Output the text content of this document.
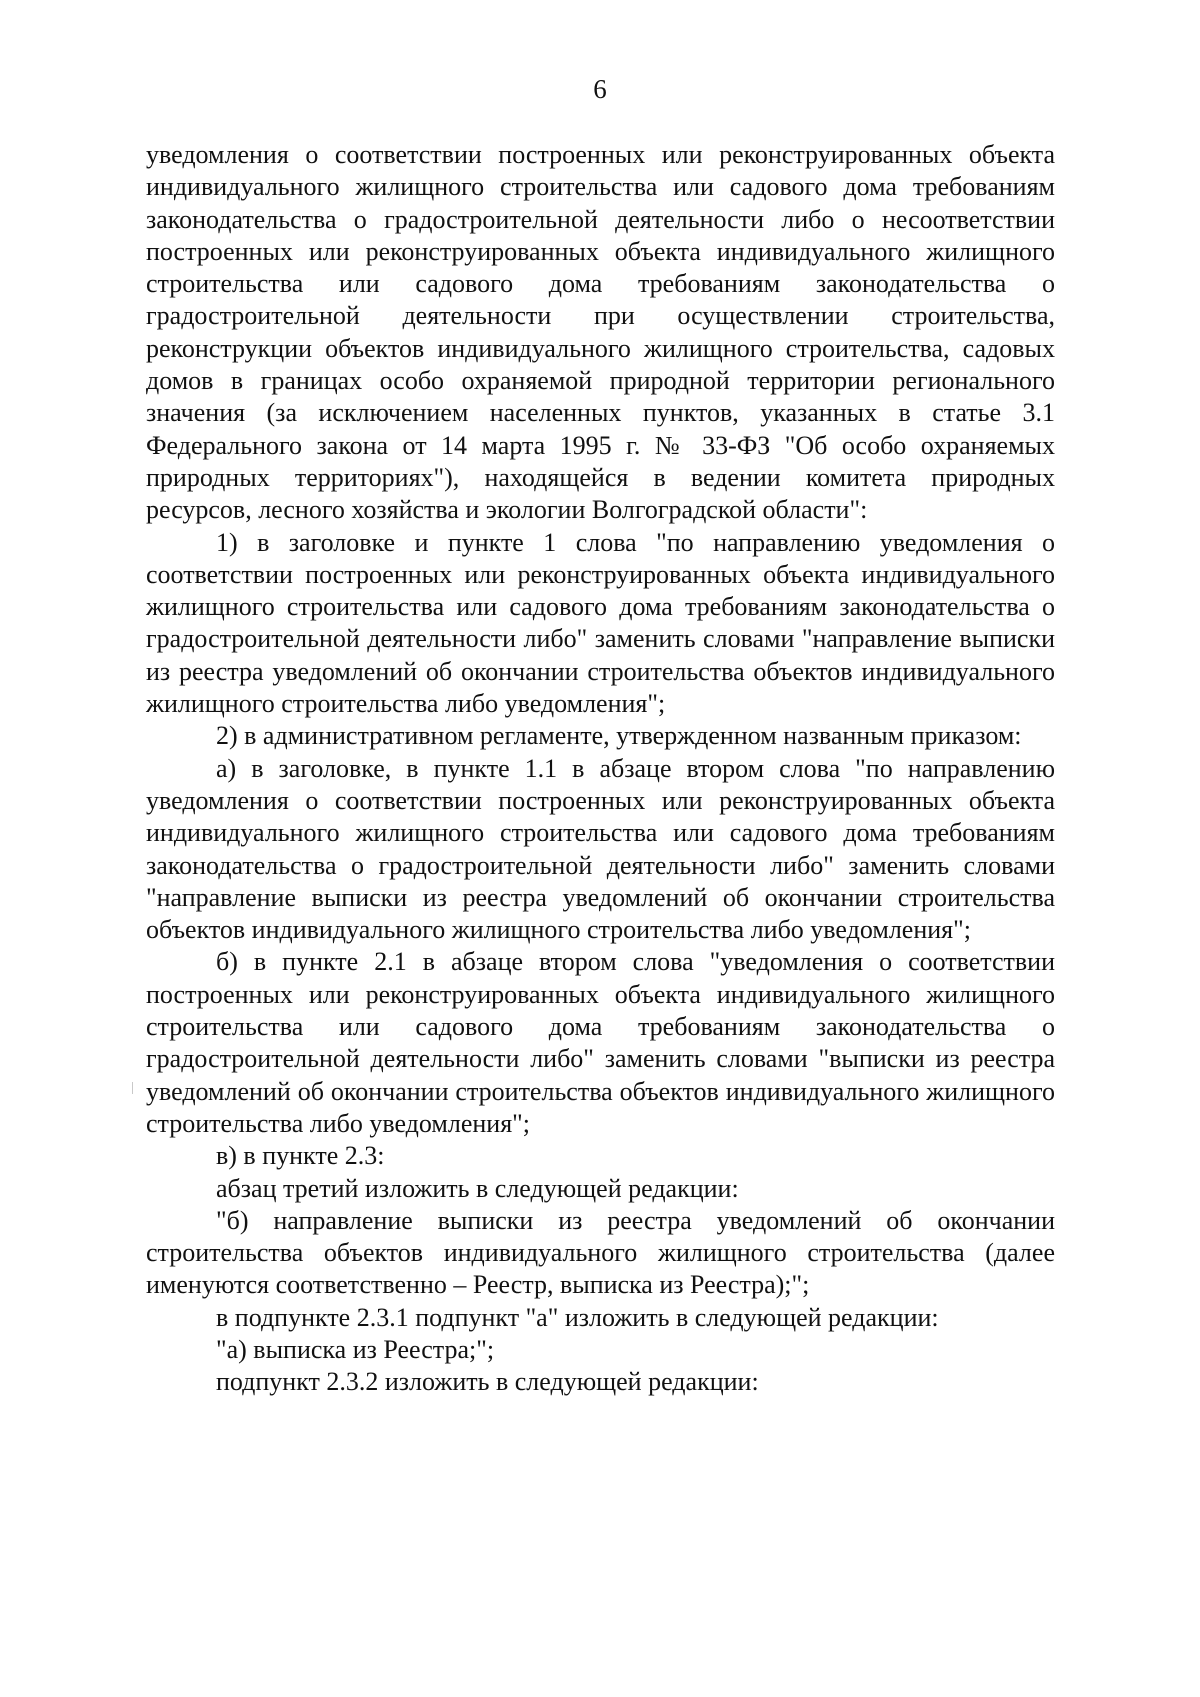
6

уведомления о соответствии построенных или реконструированных объекта индивидуального жилищного строительства или садового дома требованиям законодательства о градостроительной деятельности либо о несоответствии построенных или реконструированных объекта индивидуального жилищного строительства или садового дома требованиям законодательства о градостроительной деятельности при осуществлении строительства, реконструкции объектов индивидуального жилищного строительства, садовых домов в границах особо охраняемой природной территории регионального значения (за исключением населенных пунктов, указанных в статье 3.1 Федерального закона от 14 марта 1995 г. № 33-ФЗ "Об особо охраняемых природных территориях"), находящейся в ведении комитета природных ресурсов, лесного хозяйства и экологии Волгоградской области":

1) в заголовке и пункте 1 слова "по направлению уведомления о соответствии построенных или реконструированных объекта индивидуального жилищного строительства или садового дома требованиям законодательства о градостроительной деятельности либо" заменить словами "направление выписки из реестра уведомлений об окончании строительства объектов индивидуального жилищного строительства либо уведомления";

2) в административном регламенте, утвержденном названным приказом:

а) в заголовке, в пункте 1.1 в абзаце втором слова "по направлению уведомления о соответствии построенных или реконструированных объекта индивидуального жилищного строительства или садового дома требованиям законодательства о градостроительной деятельности либо" заменить словами "направление выписки из реестра уведомлений об окончании строительства объектов индивидуального жилищного строительства либо уведомления";

б) в пункте 2.1 в абзаце втором слова "уведомления о соответствии построенных или реконструированных объекта индивидуального жилищного строительства или садового дома требованиям законодательства о градостроительной деятельности либо" заменить словами "выписки из реестра уведомлений об окончании строительства объектов индивидуального жилищного строительства либо уведомления";

в) в пункте 2.3:

абзац третий изложить в следующей редакции:

"б) направление выписки из реестра уведомлений об окончании строительства объектов индивидуального жилищного строительства (далее именуются соответственно – Реестр, выписка из Реестра);";

в подпункте 2.3.1 подпункт "а" изложить в следующей редакции:

"а) выписка из Реестра;";

подпункт 2.3.2 изложить в следующей редакции:
